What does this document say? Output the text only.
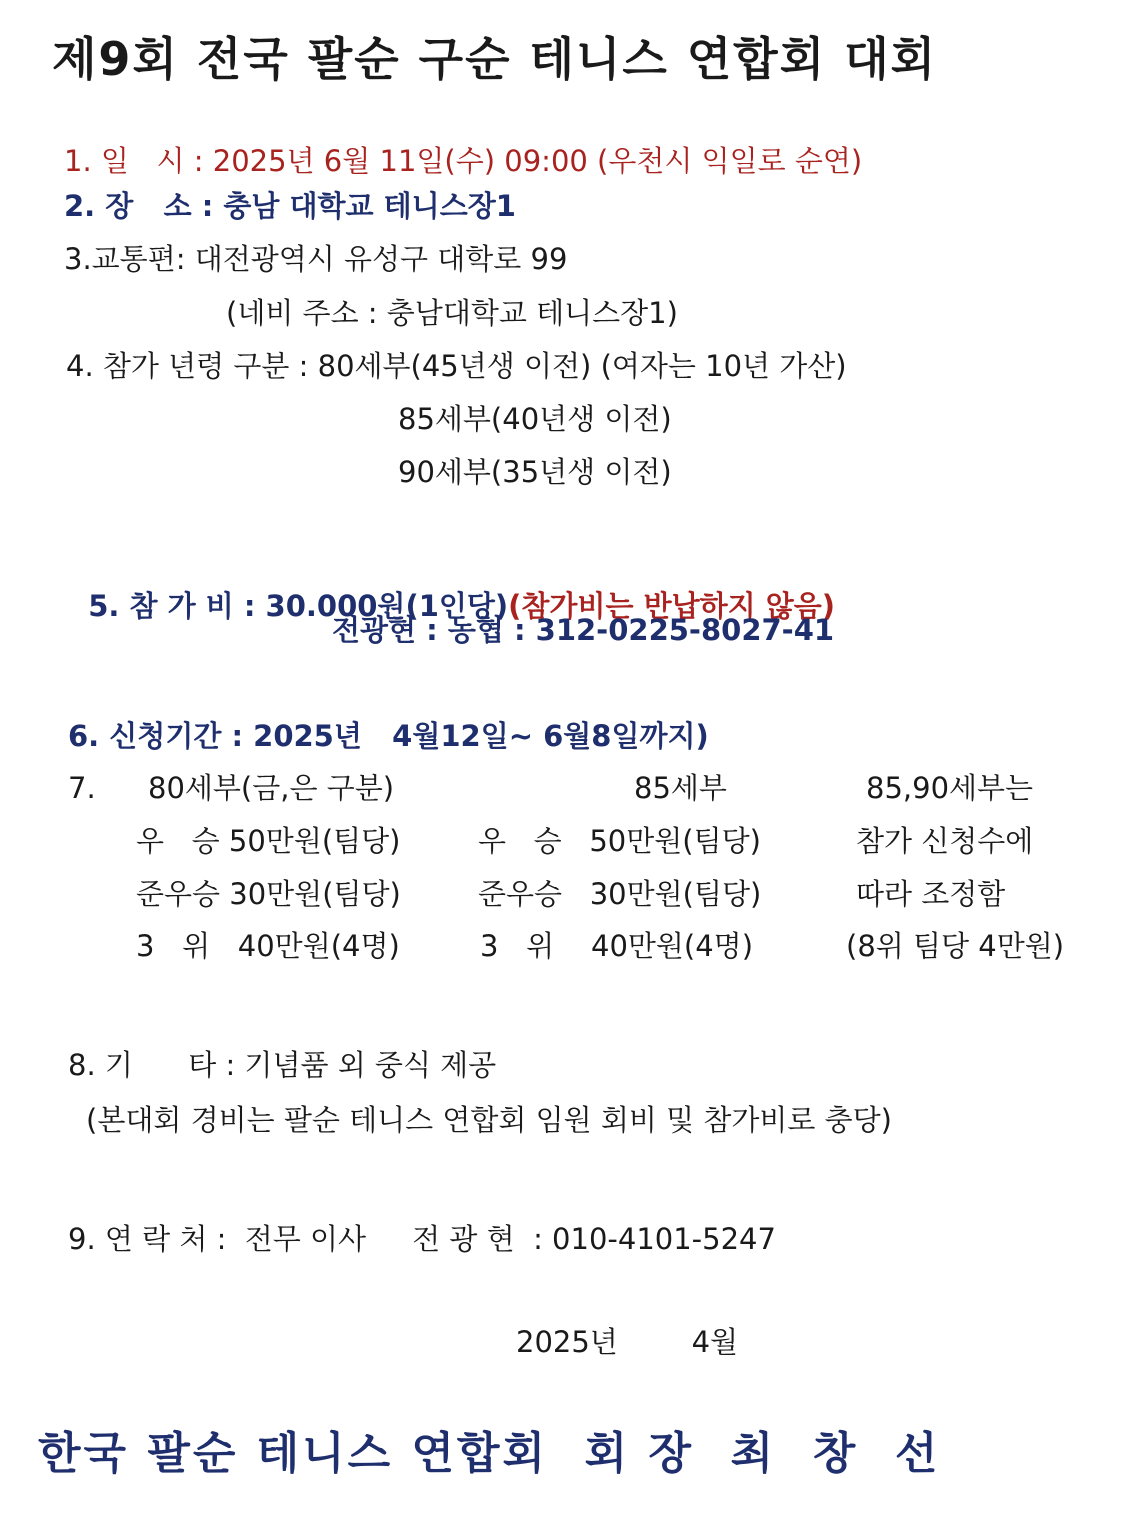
제9회 전국 팔순 구순 테니스 연합회 대회
1. 일   시 : 2025년 6월 11일(수) 09:00 (우천시 익일로 순연)
2. 장   소 : 충남 대학교 테니스장1
3.교통편: 대전광역시 유성구 대학로 99
(네비 주소 : 충남대학교 테니스장1)
4. 참가 년령 구분 : 80세부(45년생 이전) (여자는 10년 가산)
85세부(40년생 이전)
90세부(35년생 이전)

5. 참 가 비 : 30.000원(1인당)(참가비는 반납하지 않음)

전광현 : 농협 : 312-0225-8027-41
6. 신청기간 : 2025년   4월12일~ 6월8일까지)
7. 80세부(금,은 구분)	85세부	85,90세부는
우   승 50만원(팀당)	우   승   50만원(팀당)	참가 신청수에
준우승 30만원(팀당)	준우승   30만원(팀당)	따라 조정함
3   위   40만원(4명)	3   위    40만원(4명)	(8위 팀당 4만원)
8. 기      타 : 기념품 외 중식 제공
(본대회 경비는 팔순 테니스 연합회 임원 회비 및 참가비로 충당)
9. 연 락 처 :  전무 이사     전 광 현  : 010-4101-5247
2025년        4월
한국 팔순 테니스 연합회  회 장  최  창  선
